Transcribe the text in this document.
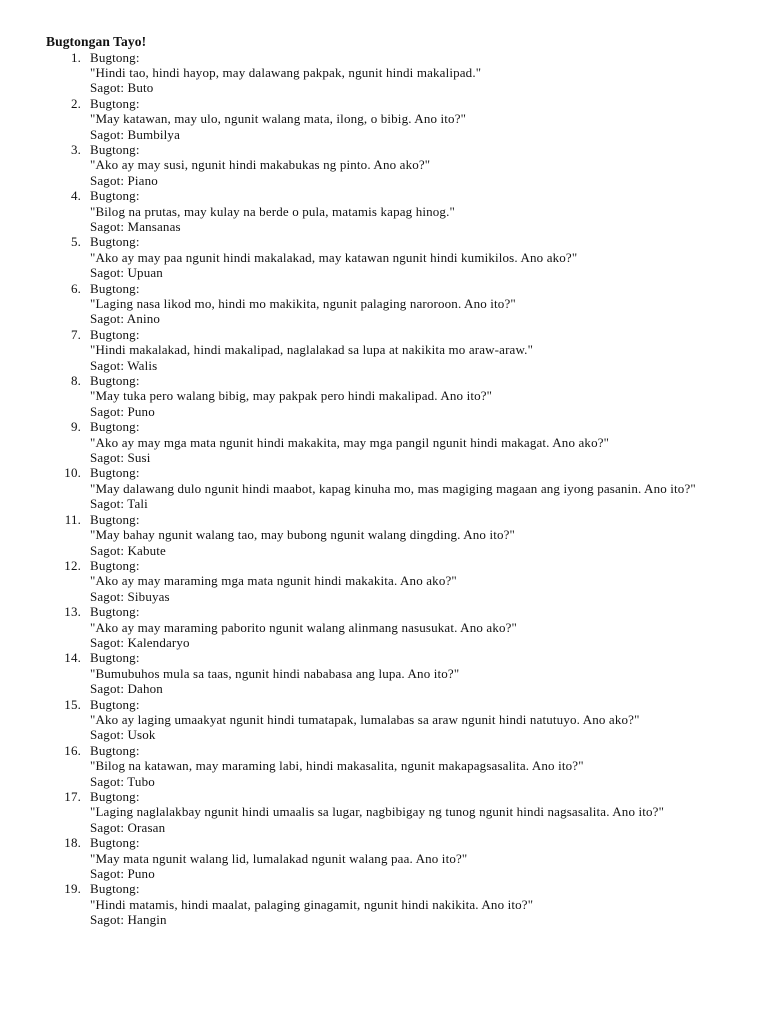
Bugtongan Tayo!
1. Bugtong:
"Hindi tao, hindi hayop, may dalawang pakpak, ngunit hindi makalipad."
Sagot: Buto
2. Bugtong:
"May katawan, may ulo, ngunit walang mata, ilong, o bibig. Ano ito?"
Sagot: Bumbilya
3. Bugtong:
"Ako ay may susi, ngunit hindi makabukas ng pinto. Ano ako?"
Sagot: Piano
4. Bugtong:
"Bilog na prutas, may kulay na berde o pula, matamis kapag hinog."
Sagot: Mansanas
5. Bugtong:
"Ako ay may paa ngunit hindi makalakad, may katawan ngunit hindi kumikilos. Ano ako?"
Sagot: Upuan
6. Bugtong:
"Laging nasa likod mo, hindi mo makikita, ngunit palaging naroroon. Ano ito?"
Sagot: Anino
7. Bugtong:
"Hindi makalakad, hindi makalipad, naglalakad sa lupa at nakikita mo araw-araw."
Sagot: Walis
8. Bugtong:
"May tuka pero walang bibig, may pakpak pero hindi makalipad. Ano ito?"
Sagot: Puno
9. Bugtong:
"Ako ay may mga mata ngunit hindi makakita, may mga pangil ngunit hindi makagat. Ano ako?"
Sagot: Susi
10. Bugtong:
"May dalawang dulo ngunit hindi maabot, kapag kinuha mo, mas magiging magaan ang iyong pasanin. Ano ito?"
Sagot: Tali
11. Bugtong:
"May bahay ngunit walang tao, may bubong ngunit walang dingding. Ano ito?"
Sagot: Kabute
12. Bugtong:
"Ako ay may maraming mga mata ngunit hindi makakita. Ano ako?"
Sagot: Sibuyas
13. Bugtong:
"Ako ay may maraming paborito ngunit walang alinmang nasusukat. Ano ako?"
Sagot: Kalendaryo
14. Bugtong:
"Bumubuhos mula sa taas, ngunit hindi nababasa ang lupa. Ano ito?"
Sagot: Dahon
15. Bugtong:
"Ako ay laging umaakyat ngunit hindi tumatapak, lumalabas sa araw ngunit hindi natutuyo. Ano ako?"
Sagot: Usok
16. Bugtong:
"Bilog na katawan, may maraming labi, hindi makasalita, ngunit makapagsasalita. Ano ito?"
Sagot: Tubo
17. Bugtong:
"Laging naglalakbay ngunit hindi umaalis sa lugar, nagbibigay ng tunog ngunit hindi nagsasalita. Ano ito?"
Sagot: Orasan
18. Bugtong:
"May mata ngunit walang lid, lumalakad ngunit walang paa. Ano ito?"
Sagot: Puno
19. Bugtong:
"Hindi matamis, hindi maalat, palaging ginagamit, ngunit hindi nakikita. Ano ito?"
Sagot: Hangin
